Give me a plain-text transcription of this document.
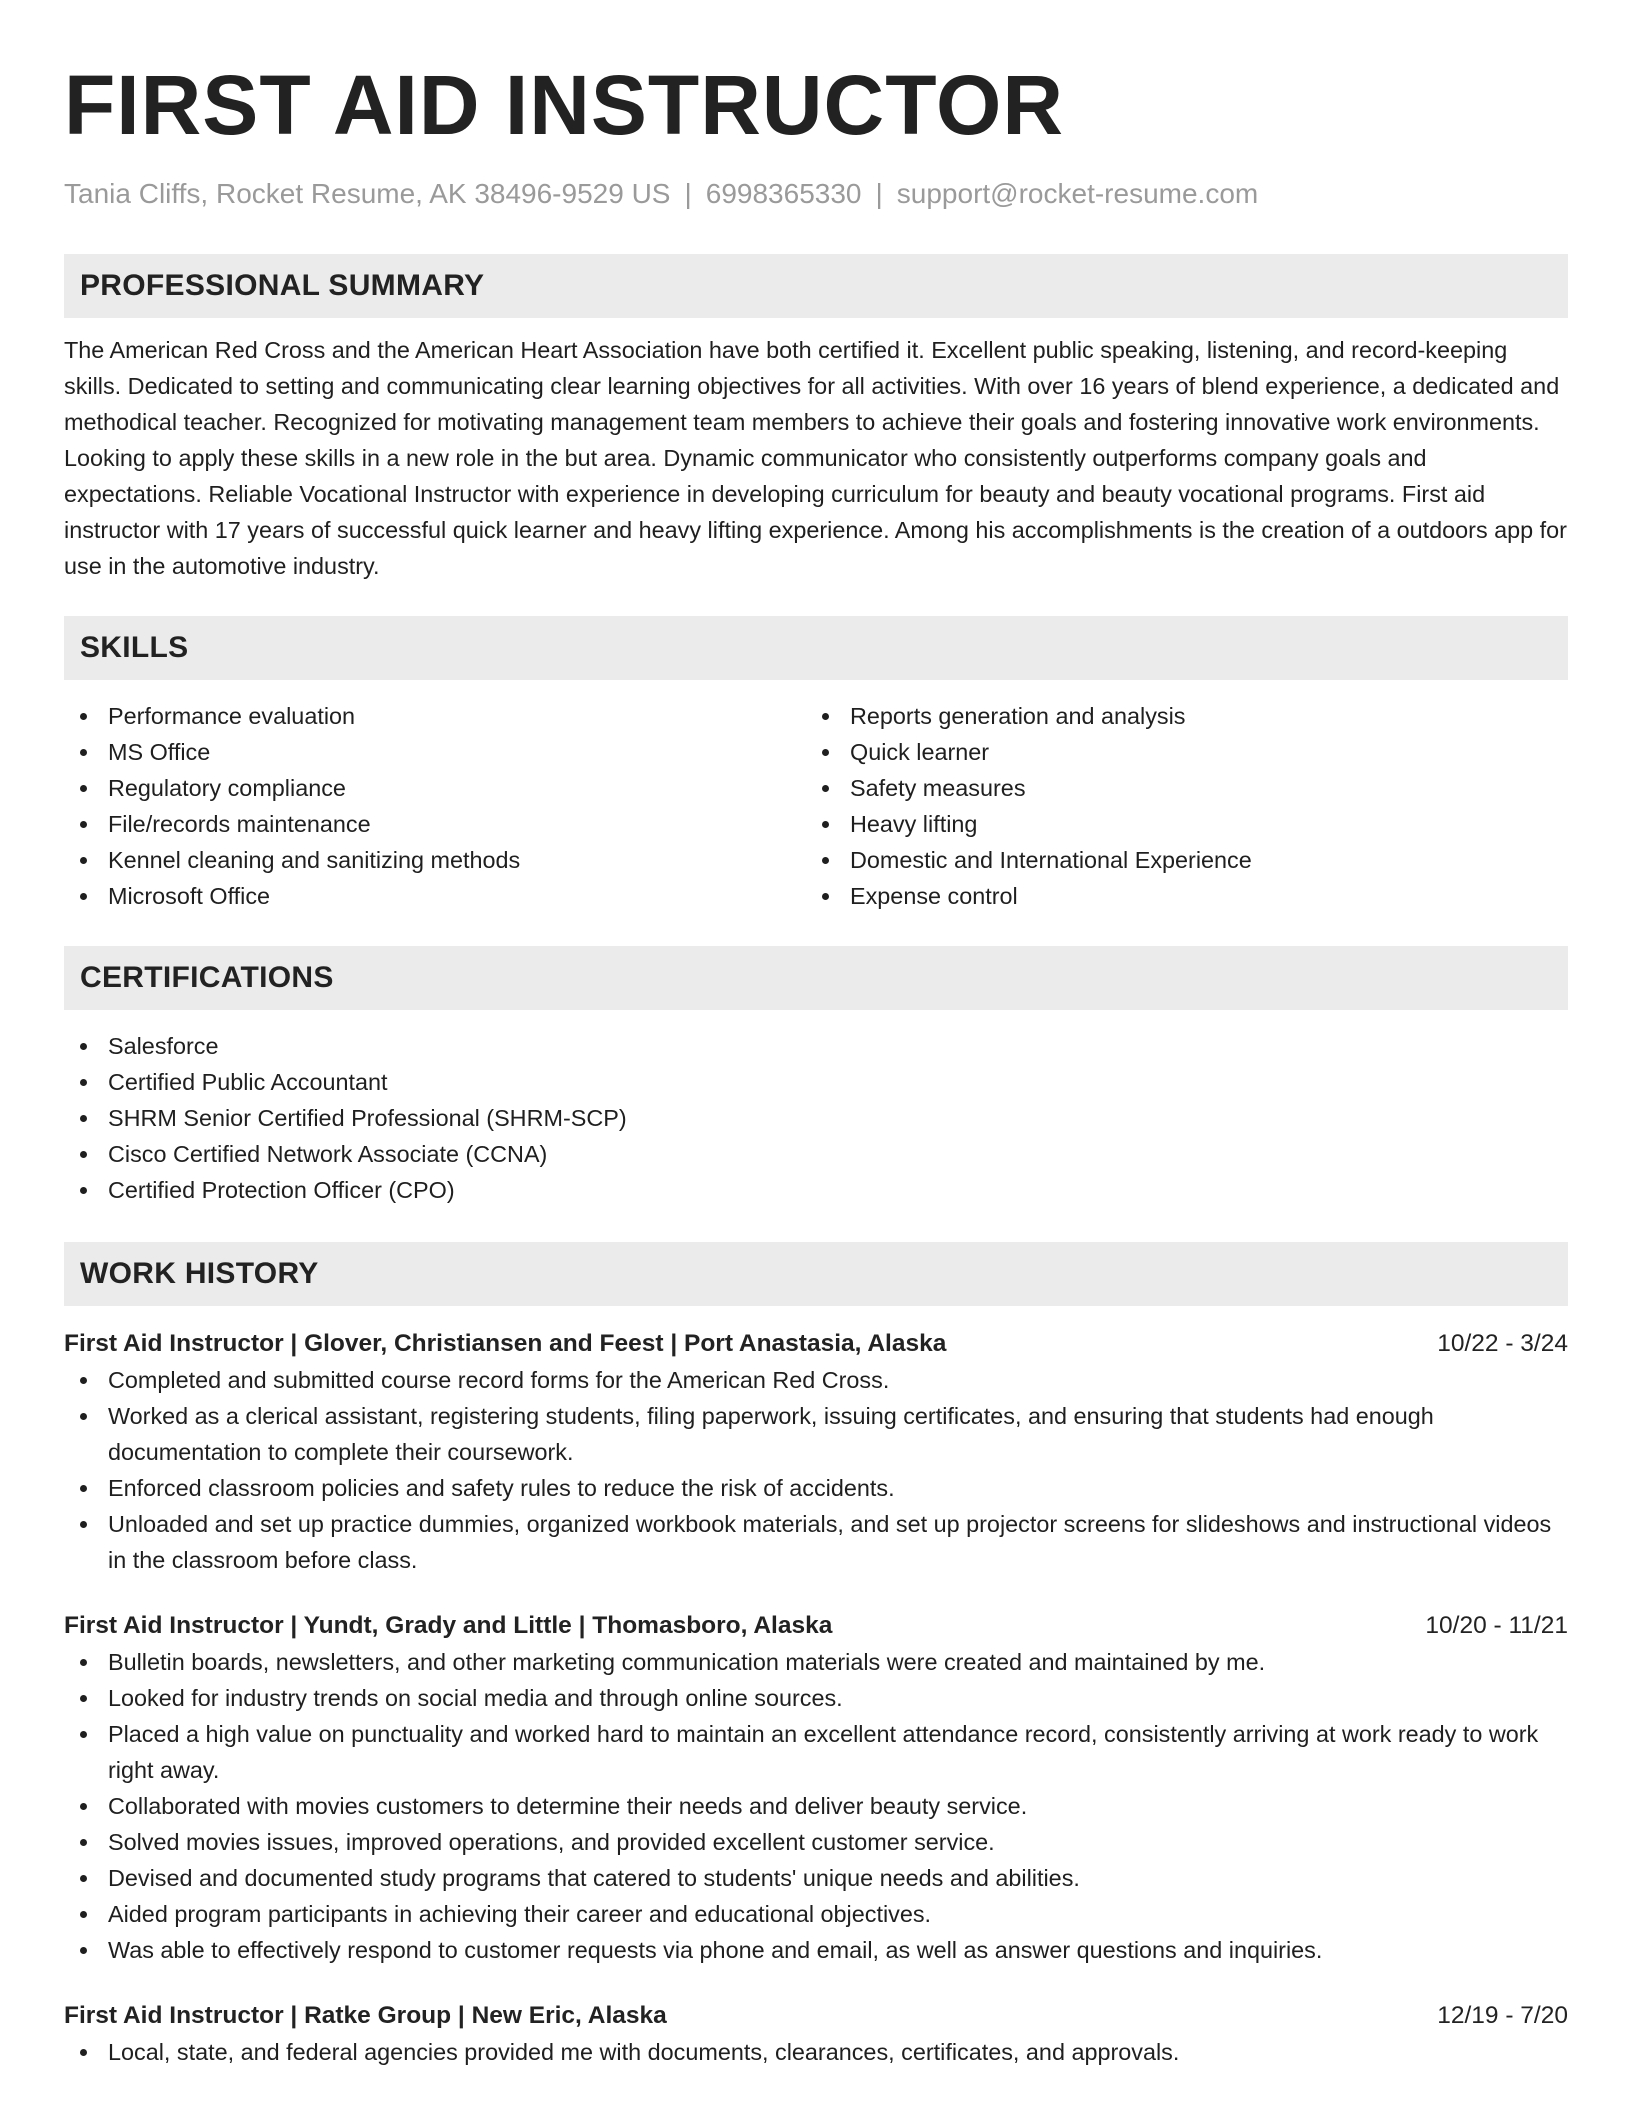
FIRST AID INSTRUCTOR
Tania Cliffs, Rocket Resume, AK 38496-9529 US | 6998365330 | support@rocket-resume.com
PROFESSIONAL SUMMARY

The American Red Cross and the American Heart Association have both certified it. Excellent public speaking, listening, and record-keeping skills. Dedicated to setting and communicating clear learning objectives for all activities. With over 16 years of blend experience, a dedicated and methodical teacher. Recognized for motivating management team members to achieve their goals and fostering innovative work environments. Looking to apply these skills in a new role in the but area. Dynamic communicator who consistently outperforms company goals and expectations. Reliable Vocational Instructor with experience in developing curriculum for beauty and beauty vocational programs. First aid instructor with 17 years of successful quick learner and heavy lifting experience. Among his accomplishments is the creation of a outdoors app for use in the automotive industry.

SKILLS
Performance evaluation
MS Office
Regulatory compliance
File/records maintenance
Kennel cleaning and sanitizing methods
Microsoft Office
Reports generation and analysis
Quick learner
Safety measures
Heavy lifting
Domestic and International Experience
Expense control
CERTIFICATIONS
Salesforce
Certified Public Accountant
SHRM Senior Certified Professional (SHRM-SCP)
Cisco Certified Network Associate (CCNA)
Certified Protection Officer (CPO)
WORK HISTORY
First Aid Instructor | Glover, Christiansen and Feest | Port Anastasia, Alaska	10/22 - 3/24
Completed and submitted course record forms for the American Red Cross.
Worked as a clerical assistant, registering students, filing paperwork, issuing certificates, and ensuring that students had enough documentation to complete their coursework.
Enforced classroom policies and safety rules to reduce the risk of accidents.
Unloaded and set up practice dummies, organized workbook materials, and set up projector screens for slideshows and instructional videos in the classroom before class.
First Aid Instructor | Yundt, Grady and Little | Thomasboro, Alaska	10/20 - 11/21
Bulletin boards, newsletters, and other marketing communication materials were created and maintained by me.
Looked for industry trends on social media and through online sources.
Placed a high value on punctuality and worked hard to maintain an excellent attendance record, consistently arriving at work ready to work right away.
Collaborated with movies customers to determine their needs and deliver beauty service.
Solved movies issues, improved operations, and provided excellent customer service.
Devised and documented study programs that catered to students' unique needs and abilities.
Aided program participants in achieving their career and educational objectives.
Was able to effectively respond to customer requests via phone and email, as well as answer questions and inquiries.
First Aid Instructor | Ratke Group | New Eric, Alaska	12/19 - 7/20
Local, state, and federal agencies provided me with documents, clearances, certificates, and approvals.
